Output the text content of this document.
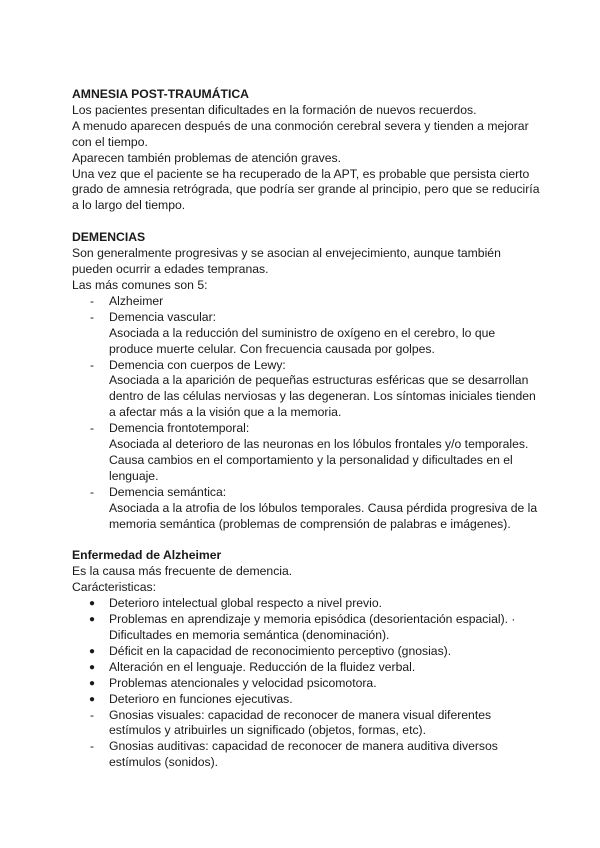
AMNESIA POST-TRAUMÁTICA

Los pacientes presentan dificultades en la formación de nuevos recuerdos.

A menudo aparecen después de una conmoción cerebral severa y tienden a mejorar con el tiempo.

Aparecen también problemas de atención graves.

Una vez que el paciente se ha recuperado de la APT, es probable que persista cierto grado de amnesia retrógrada, que podría ser grande al principio, pero que se reduciría a lo largo del tiempo.

DEMENCIAS

Son generalmente progresivas y se asocian al envejecimiento, aunque también pueden ocurrir a edades tempranas.

Las más comunes son 5:

- Alzheimer
- Demencia vascular:
Asociada a la reducción del suministro de oxígeno en el cerebro, lo que produce muerte celular. Con frecuencia causada por golpes.
- Demencia con cuerpos de Lewy:
Asociada a la aparición de pequeñas estructuras esféricas que se desarrollan dentro de las células nerviosas y las degeneran. Los síntomas iniciales tienden a afectar más a la visión que a la memoria.
- Demencia frontotemporal:
Asociada al deterioro de las neuronas en los lóbulos frontales y/o temporales. Causa cambios en el comportamiento y la personalidad y dificultades en el lenguaje.
- Demencia semántica:
Asociada a la atrofia de los lóbulos temporales. Causa pérdida progresiva de la memoria semántica (problemas de comprensión de palabras e imágenes).

Enfermedad de Alzheimer

Es la causa más frecuente de demencia.

Carácteristicas:

● Deterioro intelectual global respecto a nivel previo.
● Problemas en aprendizaje y memoria episódica (desorientación espacial). · Dificultades en memoria semántica (denominación).
● Déficit en la capacidad de reconocimiento perceptivo (gnosias).
● Alteración en el lenguaje. Reducción de la fluidez verbal.
● Problemas atencionales y velocidad psicomotora.
● Deterioro en funciones ejecutivas.
- Gnosias visuales: capacidad de reconocer de manera visual diferentes estímulos y atribuirles un significado (objetos, formas, etc).
- Gnosias auditivas: capacidad de reconocer de manera auditiva diversos estímulos (sonidos).
